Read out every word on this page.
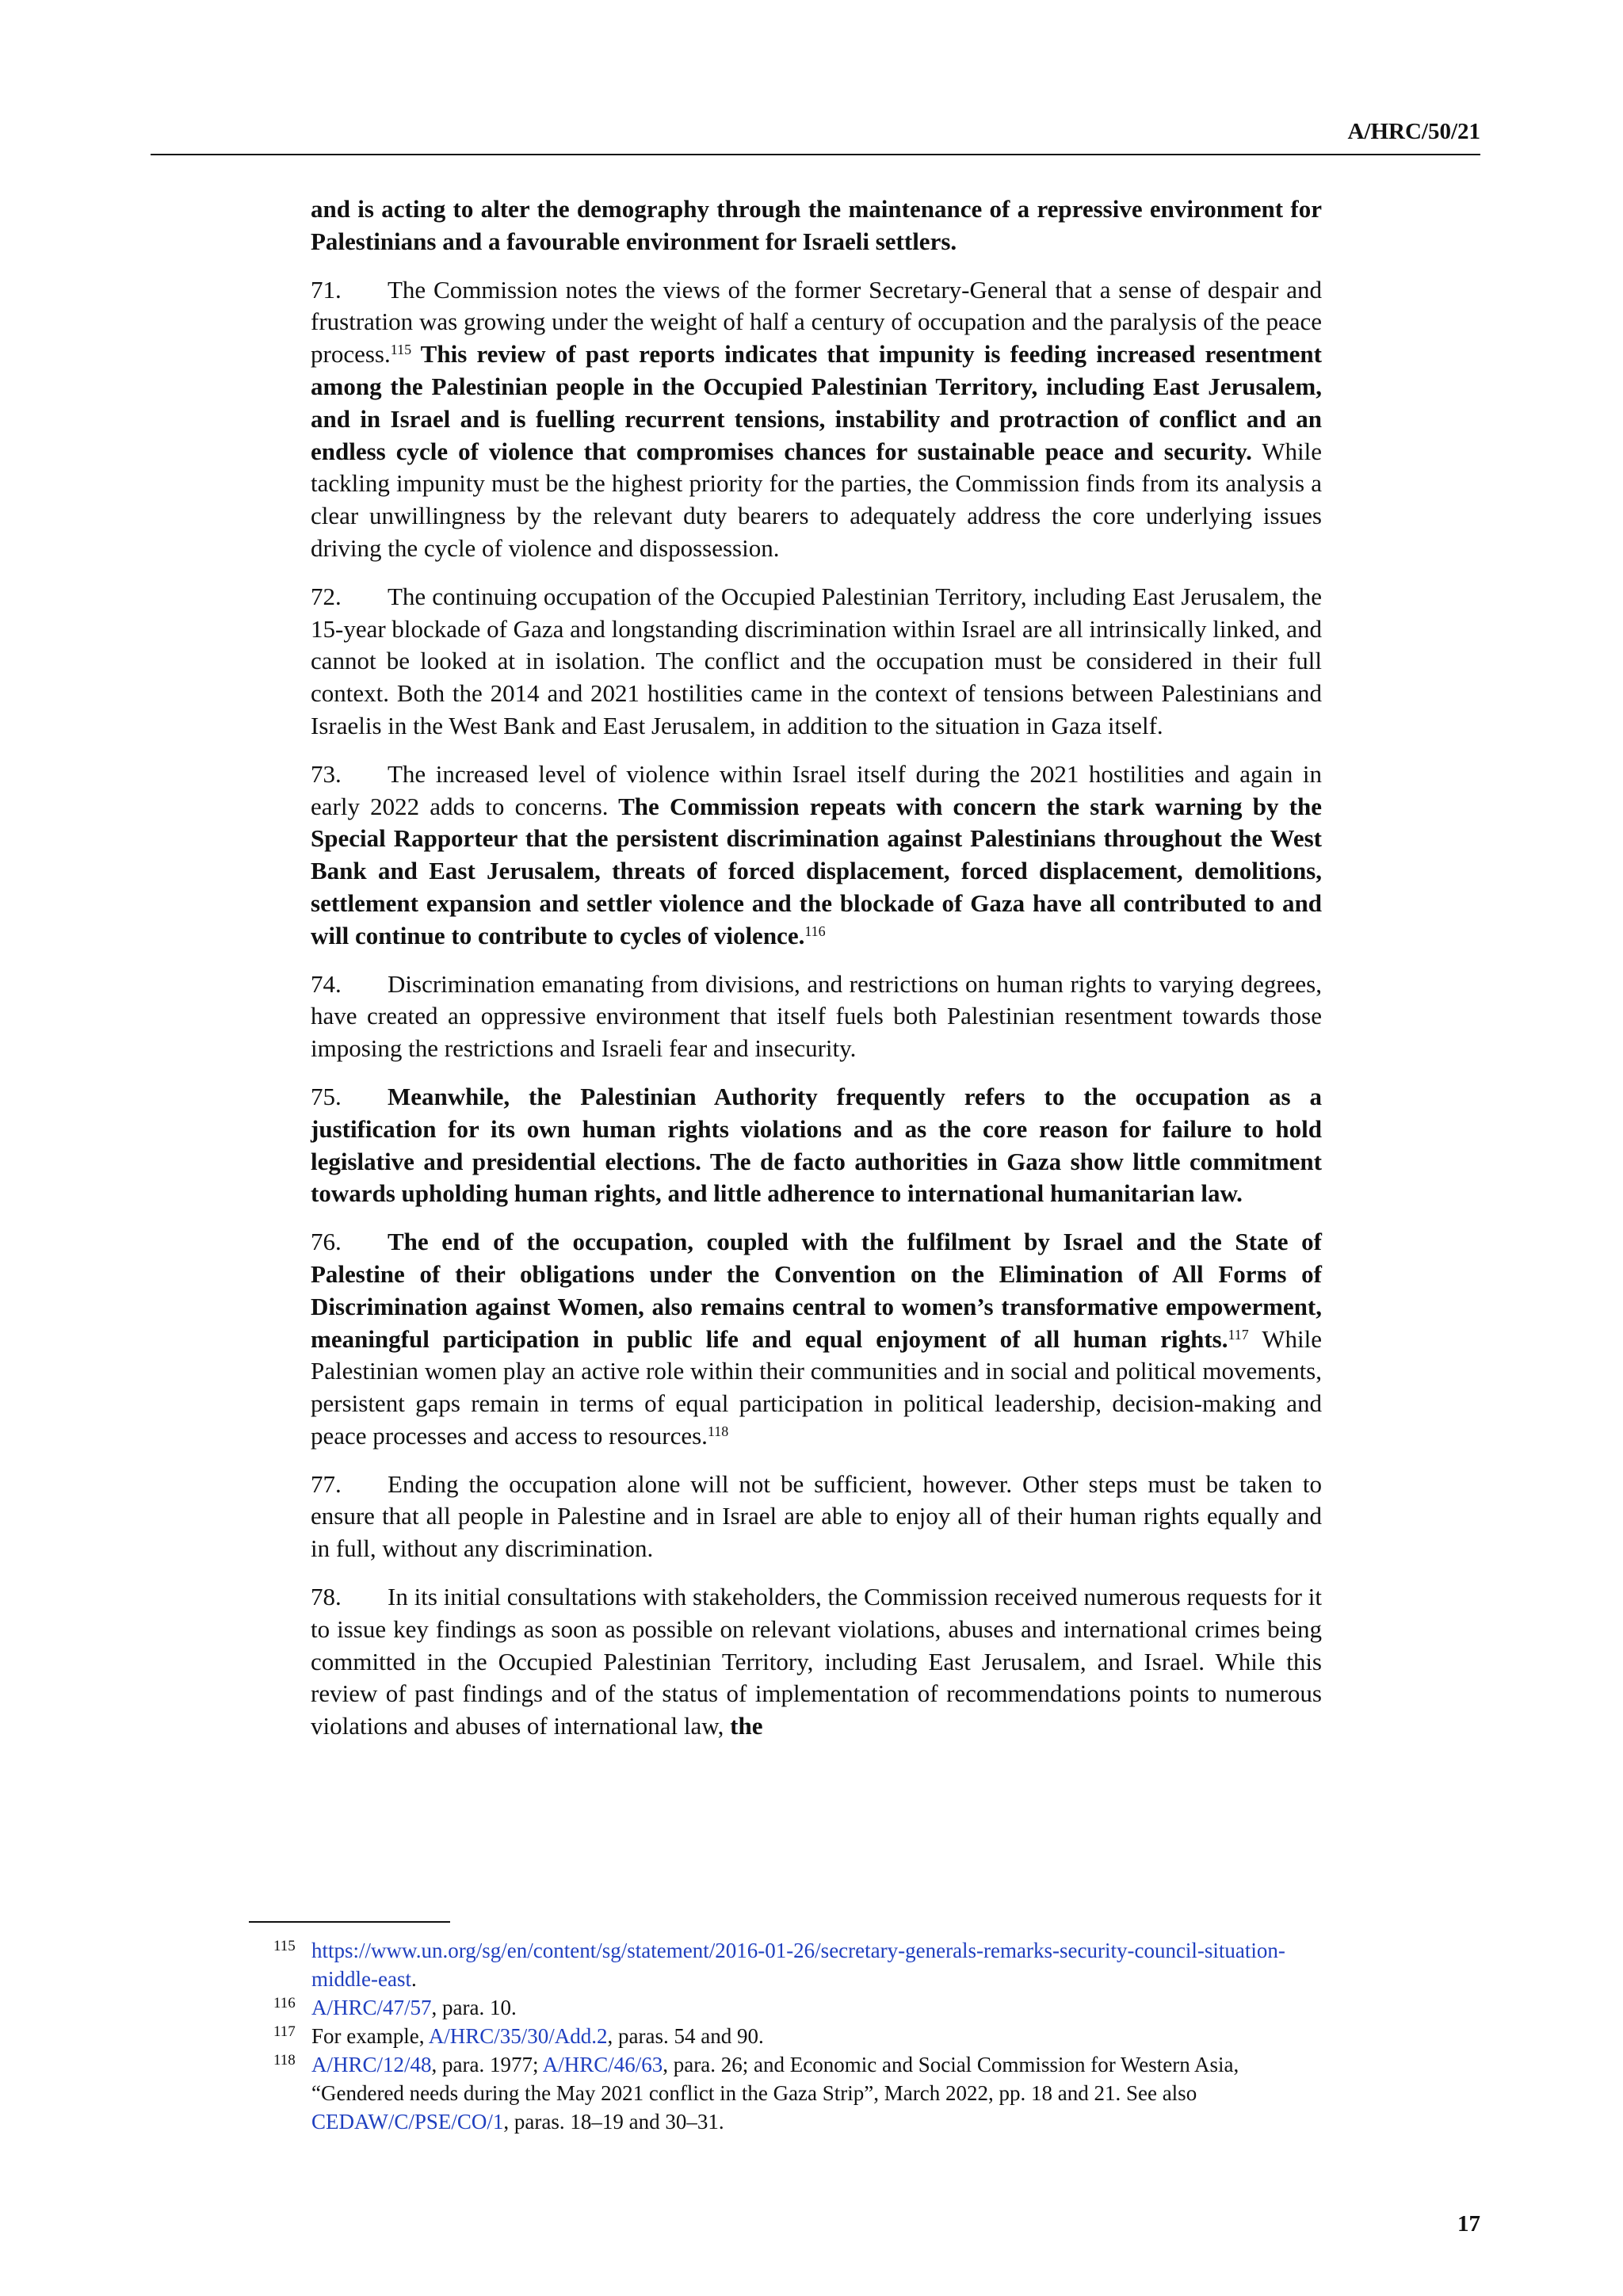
A/HRC/50/21

and is acting to alter the demography through the maintenance of a repressive environment for Palestinians and a favourable environment for Israeli settlers.

71. The Commission notes the views of the former Secretary-General that a sense of despair and frustration was growing under the weight of half a century of occupation and the paralysis of the peace process.$^{115}$ This review of past reports indicates that impunity is feeding increased resentment among the Palestinian people in the Occupied Palestinian Territory, including East Jerusalem, and in Israel and is fuelling recurrent tensions, instability and protraction of conflict and an endless cycle of violence that compromises chances for sustainable peace and security. While tackling impunity must be the highest priority for the parties, the Commission finds from its analysis a clear unwillingness by the relevant duty bearers to adequately address the core underlying issues driving the cycle of violence and dispossession.

72. The continuing occupation of the Occupied Palestinian Territory, including East Jerusalem, the 15-year blockade of Gaza and longstanding discrimination within Israel are all intrinsically linked, and cannot be looked at in isolation. The conflict and the occupation must be considered in their full context. Both the 2014 and 2021 hostilities came in the context of tensions between Palestinians and Israelis in the West Bank and East Jerusalem, in addition to the situation in Gaza itself.

73. The increased level of violence within Israel itself during the 2021 hostilities and again in early 2022 adds to concerns. The Commission repeats with concern the stark warning by the Special Rapporteur that the persistent discrimination against Palestinians throughout the West Bank and East Jerusalem, threats of forced displacement, forced displacement, demolitions, settlement expansion and settler violence and the blockade of Gaza have all contributed to and will continue to contribute to cycles of violence.$^{116}$

74. Discrimination emanating from divisions, and restrictions on human rights to varying degrees, have created an oppressive environment that itself fuels both Palestinian resentment towards those imposing the restrictions and Israeli fear and insecurity.

75. Meanwhile, the Palestinian Authority frequently refers to the occupation as a justification for its own human rights violations and as the core reason for failure to hold legislative and presidential elections. The de facto authorities in Gaza show little commitment towards upholding human rights, and little adherence to international humanitarian law.

76. The end of the occupation, coupled with the fulfilment by Israel and the State of Palestine of their obligations under the Convention on the Elimination of All Forms of Discrimination against Women, also remains central to women’s transformative empowerment, meaningful participation in public life and equal enjoyment of all human rights.$^{117}$ While Palestinian women play an active role within their communities and in social and political movements, persistent gaps remain in terms of equal participation in political leadership, decision-making and peace processes and access to resources.$^{118}$

77. Ending the occupation alone will not be sufficient, however. Other steps must be taken to ensure that all people in Palestine and in Israel are able to enjoy all of their human rights equally and in full, without any discrimination.

78. In its initial consultations with stakeholders, the Commission received numerous requests for it to issue key findings as soon as possible on relevant violations, abuses and international crimes being committed in the Occupied Palestinian Territory, including East Jerusalem, and Israel. While this review of past findings and of the status of implementation of recommendations points to numerous violations and abuses of international law, the

115 https://www.un.org/sg/en/content/sg/statement/2016-01-26/secretary-generals-remarks-security-council-situation-middle-east.
116 A/HRC/47/57, para. 10.
117 For example, A/HRC/35/30/Add.2, paras. 54 and 90.
118 A/HRC/12/48, para. 1977; A/HRC/46/63, para. 26; and Economic and Social Commission for Western Asia, “Gendered needs during the May 2021 conflict in the Gaza Strip”, March 2022, pp. 18 and 21. See also CEDAW/C/PSE/CO/1, paras. 18–19 and 30–31.
17
